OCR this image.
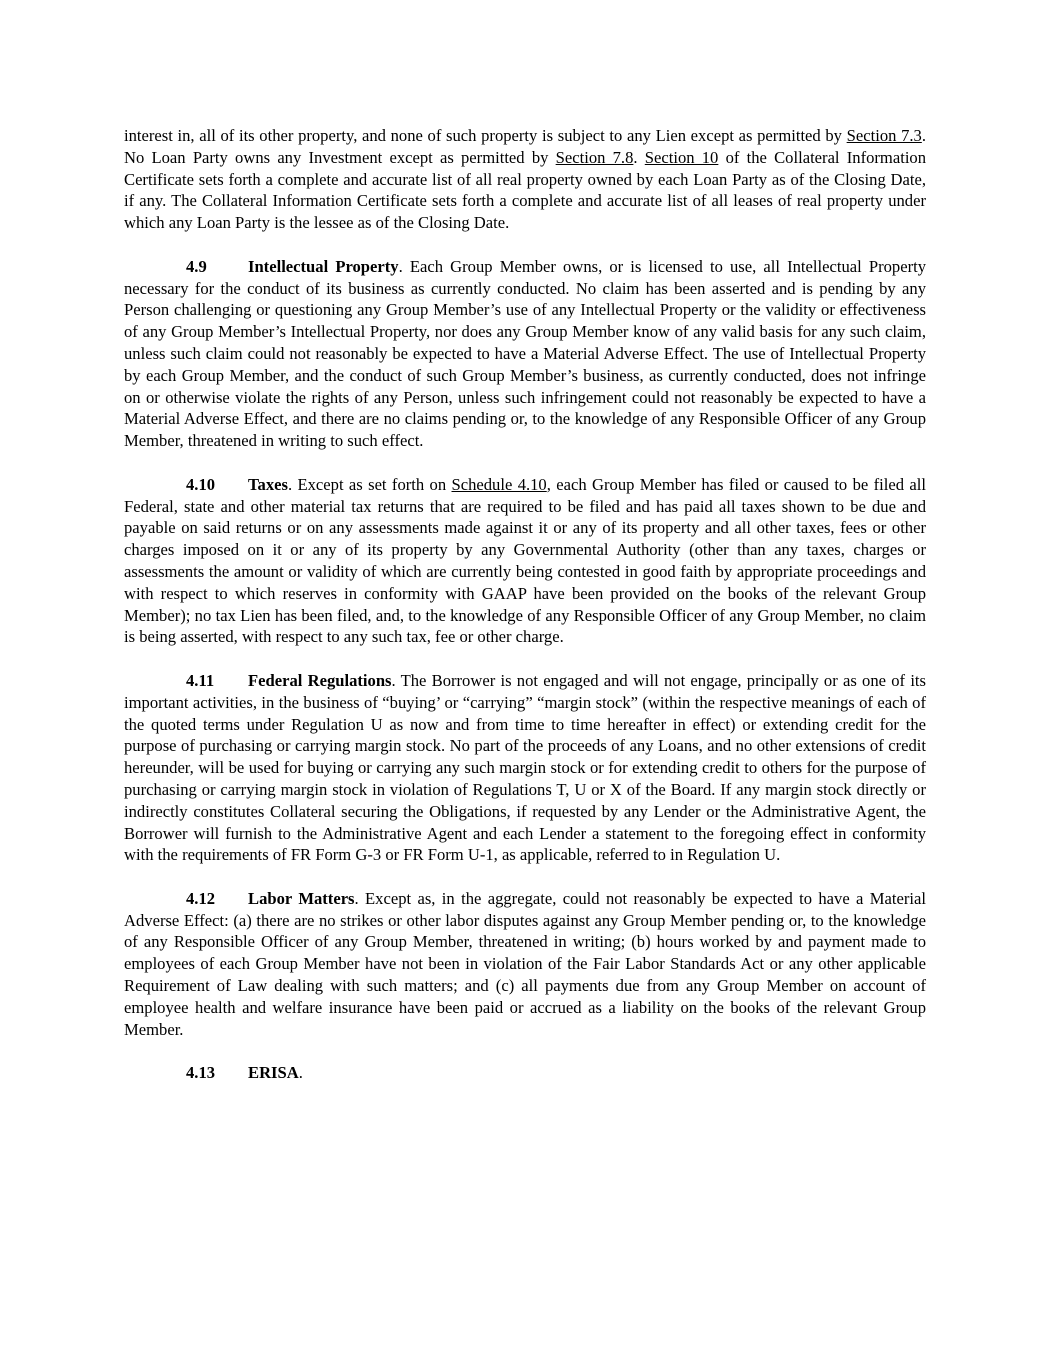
interest in, all of its other property, and none of such property is subject to any Lien except as permitted by Section 7.3. No Loan Party owns any Investment except as permitted by Section 7.8. Section 10 of the Collateral Information Certificate sets forth a complete and accurate list of all real property owned by each Loan Party as of the Closing Date, if any. The Collateral Information Certificate sets forth a complete and accurate list of all leases of real property under which any Loan Party is the lessee as of the Closing Date.

4.9 Intellectual Property. Each Group Member owns, or is licensed to use, all Intellectual Property necessary for the conduct of its business as currently conducted. No claim has been asserted and is pending by any Person challenging or questioning any Group Member’s use of any Intellectual Property or the validity or effectiveness of any Group Member’s Intellectual Property, nor does any Group Member know of any valid basis for any such claim, unless such claim could not reasonably be expected to have a Material Adverse Effect. The use of Intellectual Property by each Group Member, and the conduct of such Group Member’s business, as currently conducted, does not infringe on or otherwise violate the rights of any Person, unless such infringement could not reasonably be expected to have a Material Adverse Effect, and there are no claims pending or, to the knowledge of any Responsible Officer of any Group Member, threatened in writing to such effect.

4.10 Taxes. Except as set forth on Schedule 4.10, each Group Member has filed or caused to be filed all Federal, state and other material tax returns that are required to be filed and has paid all taxes shown to be due and payable on said returns or on any assessments made against it or any of its property and all other taxes, fees or other charges imposed on it or any of its property by any Governmental Authority (other than any taxes, charges or assessments the amount or validity of which are currently being contested in good faith by appropriate proceedings and with respect to which reserves in conformity with GAAP have been provided on the books of the relevant Group Member); no tax Lien has been filed, and, to the knowledge of any Responsible Officer of any Group Member, no claim is being asserted, with respect to any such tax, fee or other charge.

4.11 Federal Regulations. The Borrower is not engaged and will not engage, principally or as one of its important activities, in the business of “buying’ or “carrying” “margin stock” (within the respective meanings of each of the quoted terms under Regulation U as now and from time to time hereafter in effect) or extending credit for the purpose of purchasing or carrying margin stock. No part of the proceeds of any Loans, and no other extensions of credit hereunder, will be used for buying or carrying any such margin stock or for extending credit to others for the purpose of purchasing or carrying margin stock in violation of Regulations T, U or X of the Board. If any margin stock directly or indirectly constitutes Collateral securing the Obligations, if requested by any Lender or the Administrative Agent, the Borrower will furnish to the Administrative Agent and each Lender a statement to the foregoing effect in conformity with the requirements of FR Form G-3 or FR Form U-1, as applicable, referred to in Regulation U.

4.12 Labor Matters. Except as, in the aggregate, could not reasonably be expected to have a Material Adverse Effect: (a) there are no strikes or other labor disputes against any Group Member pending or, to the knowledge of any Responsible Officer of any Group Member, threatened in writing; (b) hours worked by and payment made to employees of each Group Member have not been in violation of the Fair Labor Standards Act or any other applicable Requirement of Law dealing with such matters; and (c) all payments due from any Group Member on account of employee health and welfare insurance have been paid or accrued as a liability on the books of the relevant Group Member.

4.13 ERISA.
